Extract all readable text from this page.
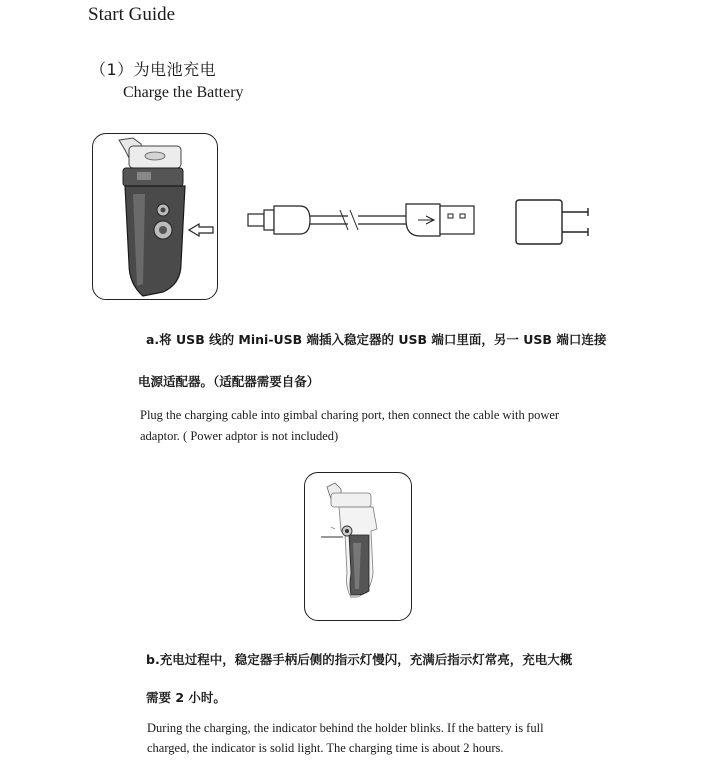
Start Guide
（1）为电池充电
Charge the Battery
a.将 USB 线的 Mini-USB 端插入稳定器的 USB 端口里面，另一 USB 端口连接
电源适配器。（适配器需要自备）
Plug the charging cable into gimbal charing port, then connect the cable with power
adaptor. ( Power adptor is not included)
b.充电过程中，稳定器手柄后侧的指示灯慢闪，充满后指示灯常亮，充电大概
需要 2 小时。
During the charging, the indicator behind the holder blinks. If the battery is full
charged, the indicator is solid light. The charging time is about 2 hours.
